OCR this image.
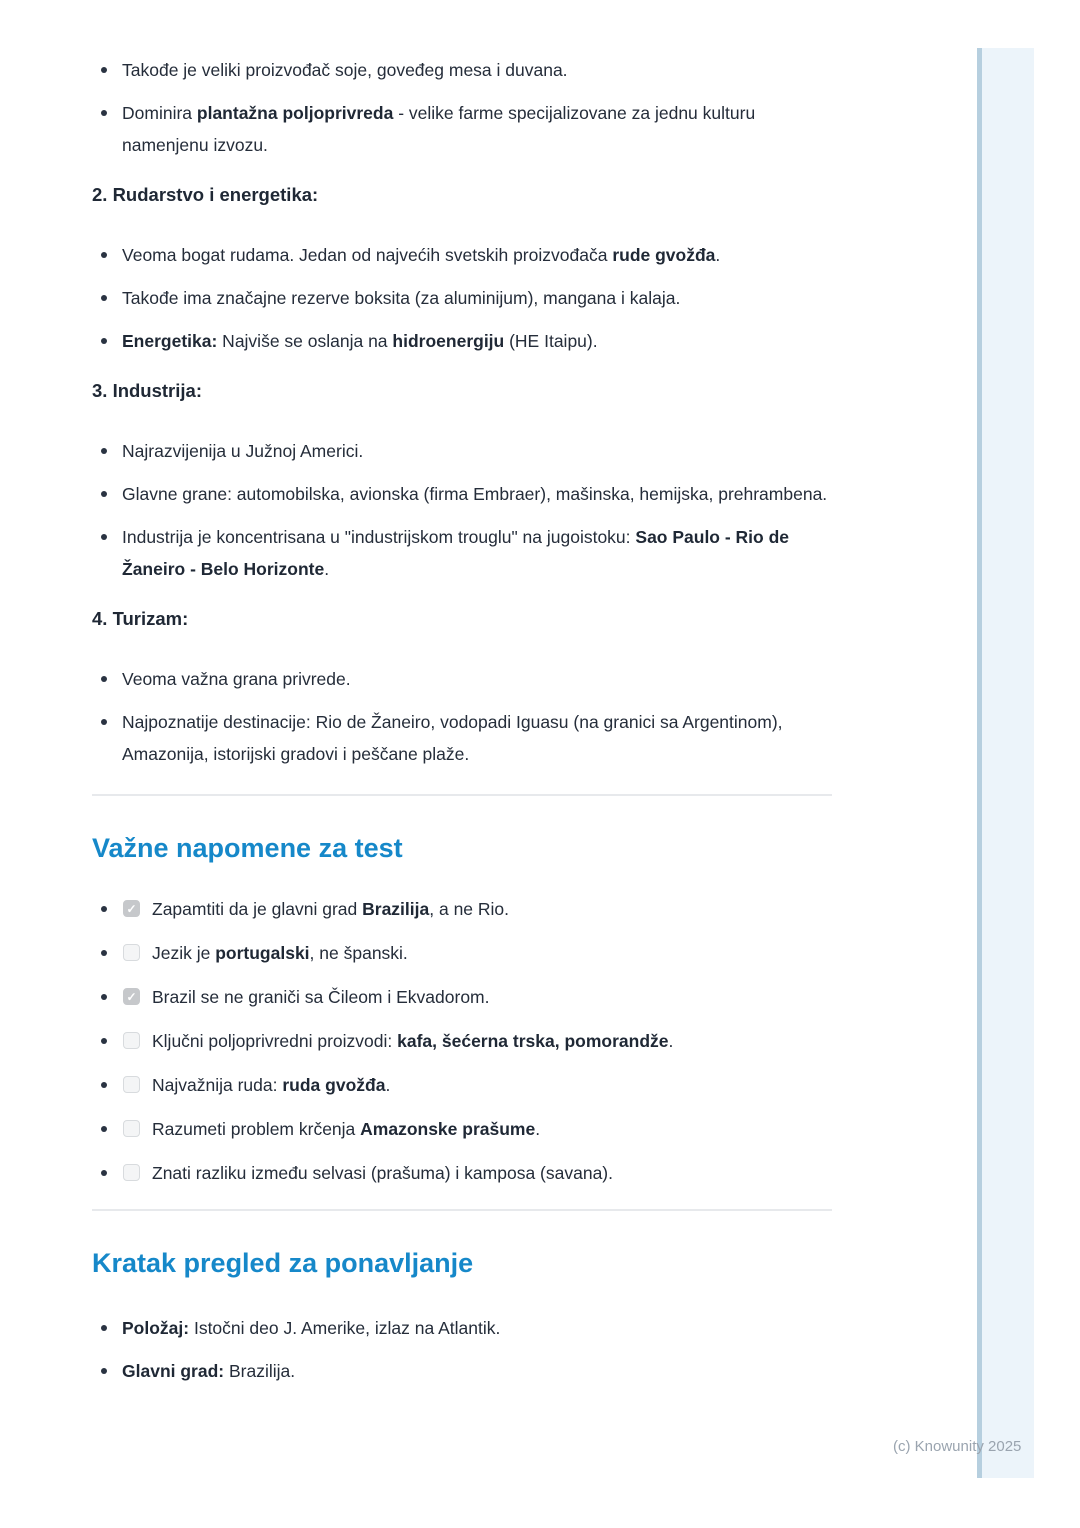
Takođe je veliki proizvođač soje, goveđeg mesa i duvana.
Dominira plantažna poljoprivreda - velike farme specijalizovane za jednu kulturu namenjenu izvozu.
2. Rudarstvo i energetika:
Veoma bogat rudama. Jedan od najvećih svetskih proizvođača rude gvožđa.
Takođe ima značajne rezerve boksita (za aluminijum), mangana i kalaja.
Energetika: Najviše se oslanja na hidroenergiju (HE Itaipu).
3. Industrija:
Najrazvijenija u Južnoj Americi.
Glavne grane: automobilska, avionska (firma Embraer), mašinska, hemijska, prehrambena.
Industrija je koncentrisana u "industrijskom trouglu" na jugoistoku: Sao Paulo - Rio de Žaneiro - Belo Horizonte.
4. Turizam:
Veoma važna grana privrede.
Najpoznatije destinacije: Rio de Žaneiro, vodopadi Iguasu (na granici sa Argentinom), Amazonija, istorijski gradovi i peščane plaže.
Važne napomene za test
✓ Zapamtiti da je glavni grad Brazilija, a ne Rio.
Jezik je portugalski, ne španski.
✓ Brazil se ne graniči sa Čileom i Ekvadorom.
Ključni poljoprivredni proizvodi: kafa, šećerna trska, pomorandže.
Najvažnija ruda: ruda gvožđa.
Razumeti problem krčenja Amazonske prašume.
Znati razliku između selvasi (prašuma) i kamposa (savana).
Kratak pregled za ponavljanje
Položaj: Istočni deo J. Amerike, izlaz na Atlantik.
Glavni grad: Brazilija.
(c) Knowunity 2025
